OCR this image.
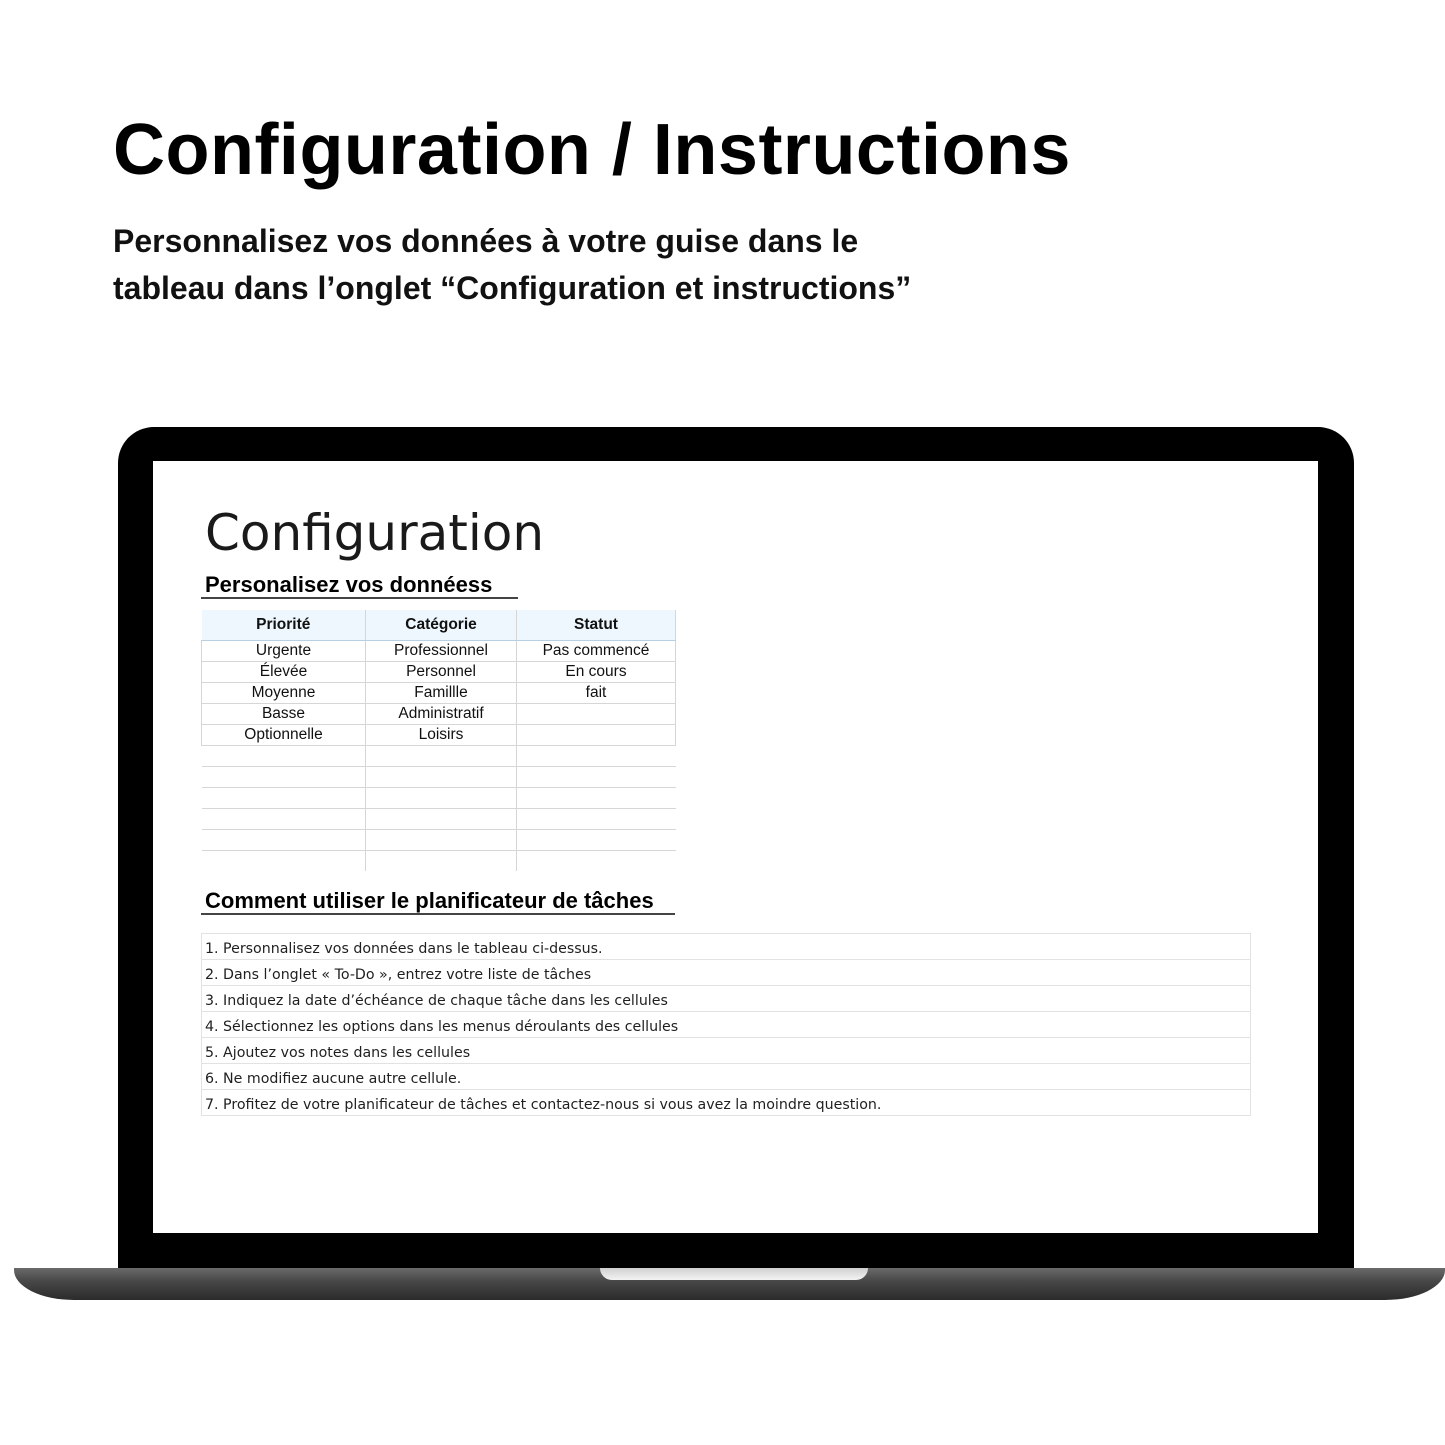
Configuration / Instructions

Personnalisez vos données à votre guise dans le
tableau dans l’onglet “Configuration et instructions”

Configuration
Personalisez vos donnéess
Priorité	Catégorie	Statut
Urgente	Professionnel	Pas commencé
Élevée	Personnel	En cours
Moyenne	Famillle	fait
Basse	Administratif	
Optionnelle	Loisirs	

Comment utiliser le planificateur de tâches
1. Personnalisez vos données dans le tableau ci-dessus.
2. Dans l’onglet « To-Do », entrez votre liste de tâches
3. Indiquez la date d’échéance de chaque tâche dans les cellules
4. Sélectionnez les options dans les menus déroulants des cellules
5. Ajoutez vos notes dans les cellules
6. Ne modifiez aucune autre cellule.
7. Profitez de votre planificateur de tâches et contactez-nous si vous avez la moindre question.
